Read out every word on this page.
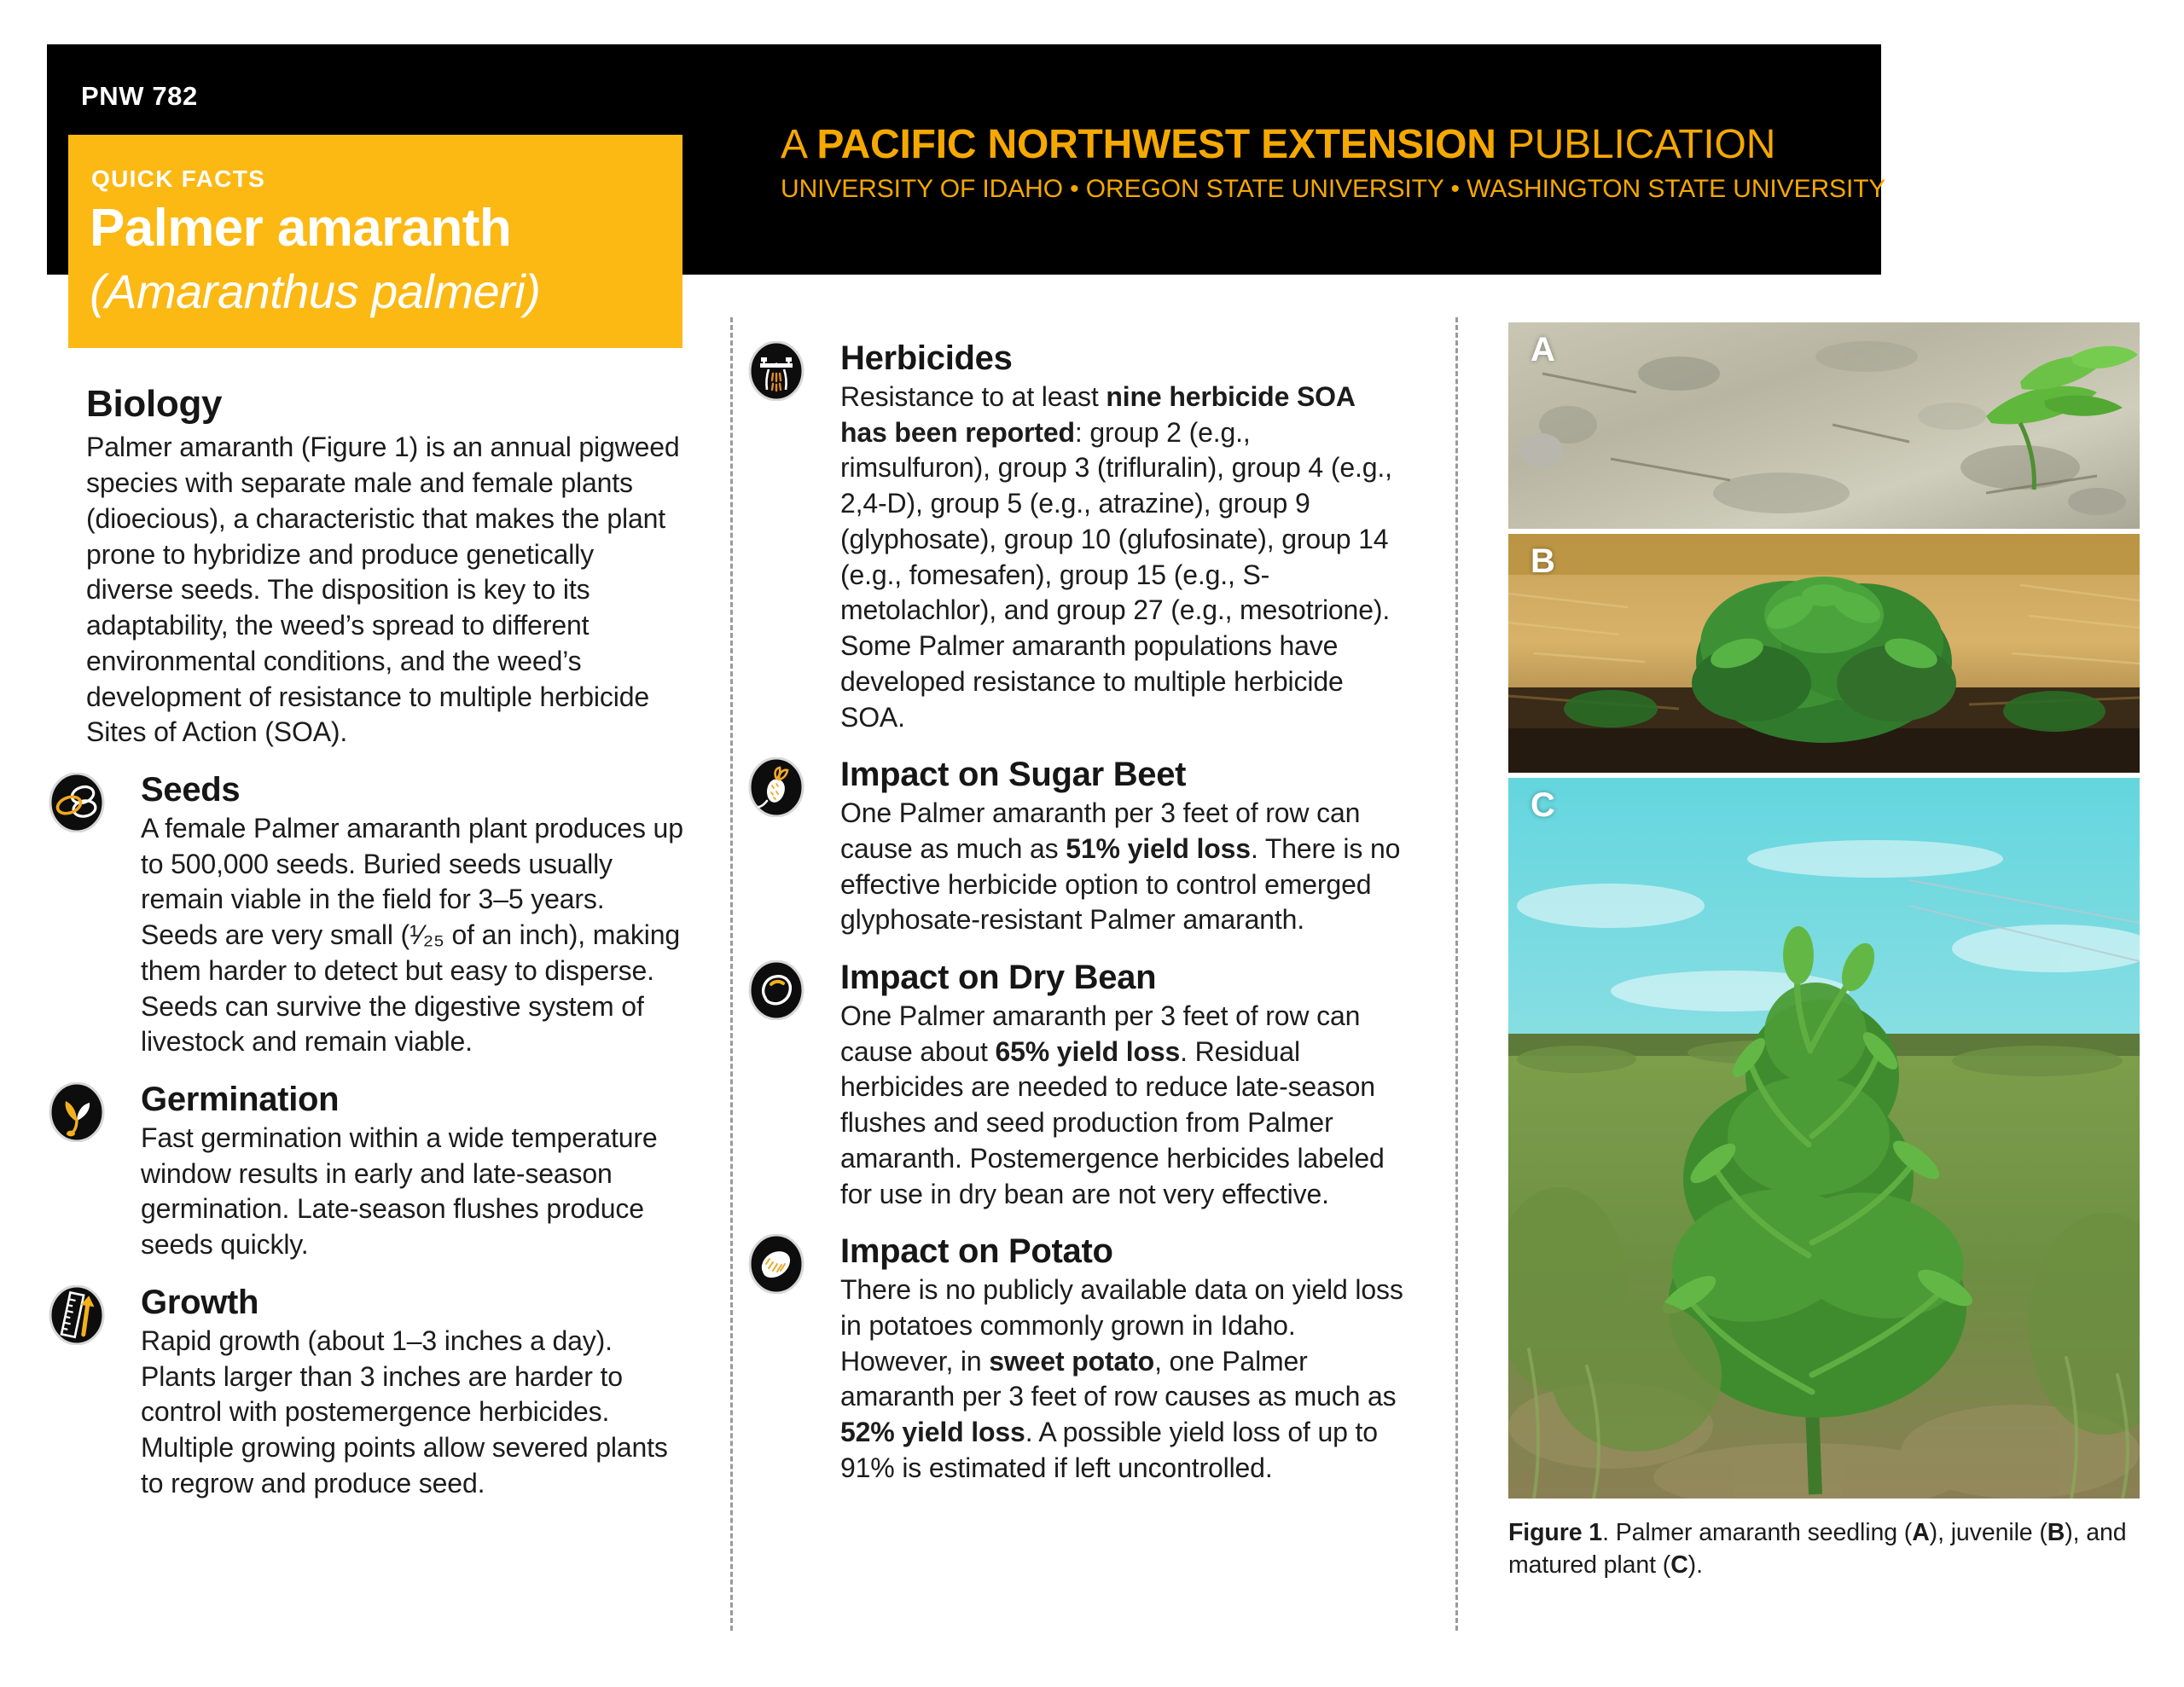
PNW 782
A PACIFIC NORTHWEST EXTENSION PUBLICATION
UNIVERSITY OF IDAHO • OREGON STATE UNIVERSITY • WASHINGTON STATE UNIVERSITY
QUICK FACTS
Palmer amaranth
(Amaranthus palmeri)
Biology

Palmer amaranth (Figure 1) is an annual pigweed species with separate male and female plants (dioecious), a characteristic that makes the plant prone to hybridize and produce genetically diverse seeds. The disposition is key to its adaptability, the weed’s spread to different environmental conditions, and the weed’s development of resistance to multiple herbicide Sites of Action (SOA).

Seeds

A female Palmer amaranth plant produces up to 500,000 seeds. Buried seeds usually remain viable in the field for 3–5 years. Seeds are very small (¹⁄₂₅ of an inch), making them harder to detect but easy to disperse. Seeds can survive the digestive system of livestock and remain viable.

Germination

Fast germination within a wide temperature window results in early and late-season germination. Late-season flushes produce seeds quickly.

Growth

Rapid growth (about 1–3 inches a day). Plants larger than 3 inches are harder to control with postemergence herbicides. Multiple growing points allow severed plants to regrow and produce seed.

Herbicides

Resistance to at least nine herbicide SOA has been reported: group 2 (e.g., rimsulfuron), group 3 (trifluralin), group 4 (e.g., 2,4-D), group 5 (e.g., atrazine), group 9 (glyphosate), group 10 (glufosinate), group 14 (e.g., fomesafen), group 15 (e.g., S-metolachlor), and group 27 (e.g., mesotrione). Some Palmer amaranth populations have developed resistance to multiple herbicide SOA.

Impact on Sugar Beet

One Palmer amaranth per 3 feet of row can cause as much as 51% yield loss. There is no effective herbicide option to control emerged glyphosate-resistant Palmer amaranth.

Impact on Dry Bean

One Palmer amaranth per 3 feet of row can cause about 65% yield loss. Residual herbicides are needed to reduce late-season flushes and seed production from Palmer amaranth. Postemergence herbicides labeled for use in dry bean are not very effective.

Impact on Potato

There is no publicly available data on yield loss in potatoes commonly grown in Idaho. However, in sweet potato, one Palmer amaranth per 3 feet of row causes as much as 52% yield loss. A possible yield loss of up to 91% is estimated if left uncontrolled.

A
B
C
Figure 1. Palmer amaranth seedling (A), juvenile (B), and matured plant (C).
